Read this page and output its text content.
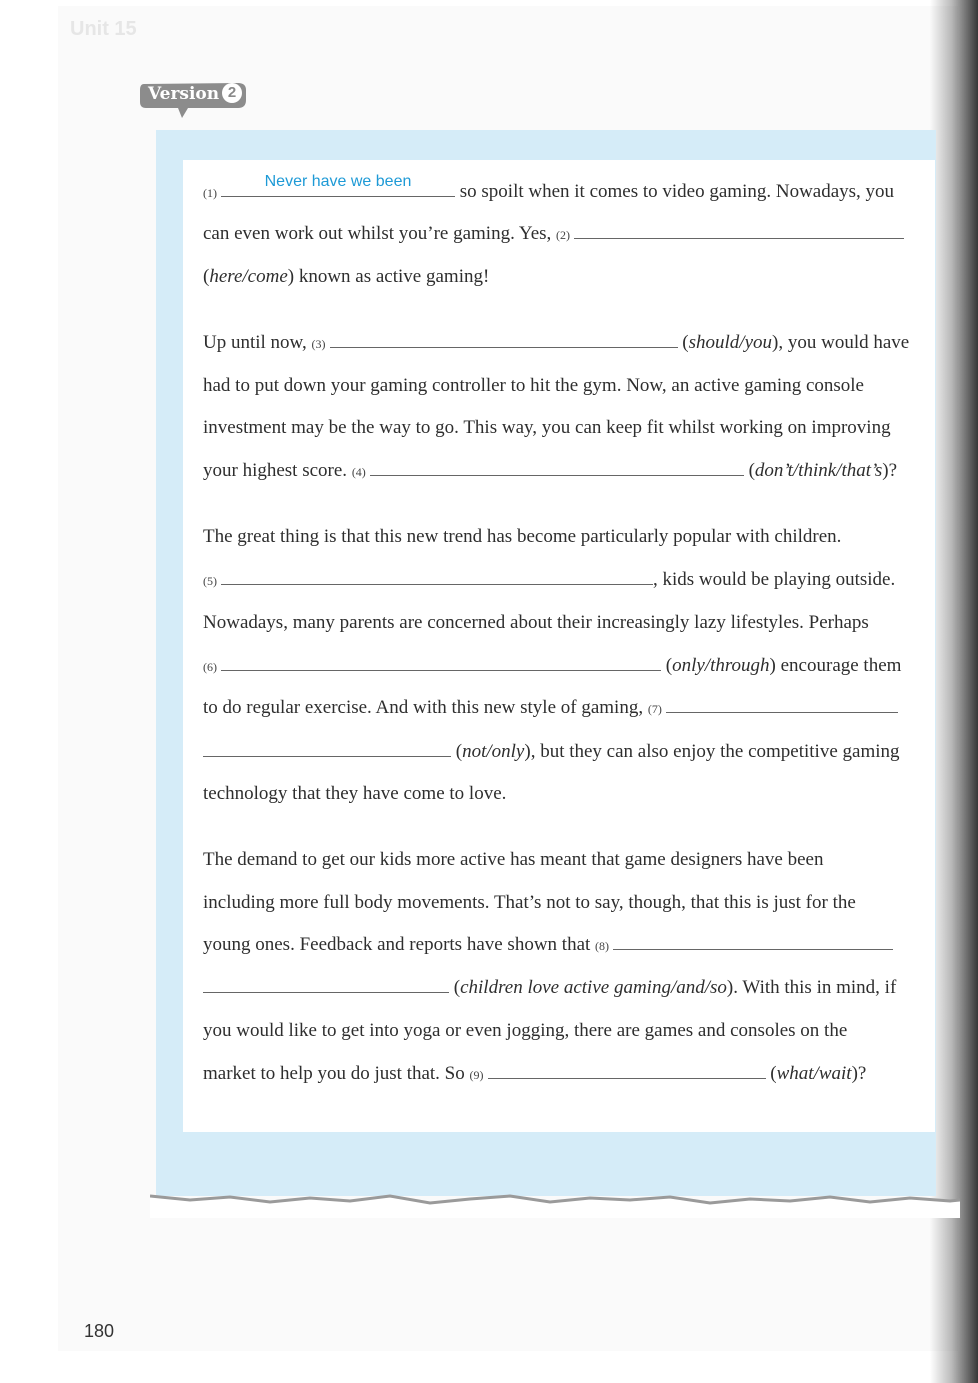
Unit 15
Version 2
(1)
Never have we been	so spoilt when it comes to video gaming. Nowadays, you
can even work out whilst you’re gaming. Yes, (2)
(here/come) known as active gaming!
Up until now, (3)	(should/you), you would have
had to put down your gaming controller to hit the gym. Now, an active gaming console
investment may be the way to go. This way, you can keep fit whilst working on improving
your highest score. (4)	(don’t/think/that’s)?
The great thing is that this new trend has become particularly popular with children.
(5)	, kids would be playing outside.
Nowadays, many parents are concerned about their increasingly lazy lifestyles. Perhaps
(6)	(only/through) encourage them
to do regular exercise. And with this new style of gaming, (7)
(not/only), but they can also enjoy the competitive gaming
technology that they have come to love.
The demand to get our kids more active has meant that game designers have been
including more full body movements. That’s not to say, though, that this is just for the
young ones. Feedback and reports have shown that (8)
(children love active gaming/and/so). With this in mind, if
you would like to get into yoga or even jogging, there are games and consoles on the
market to help you do just that. So (9)	(what/wait)?
180
